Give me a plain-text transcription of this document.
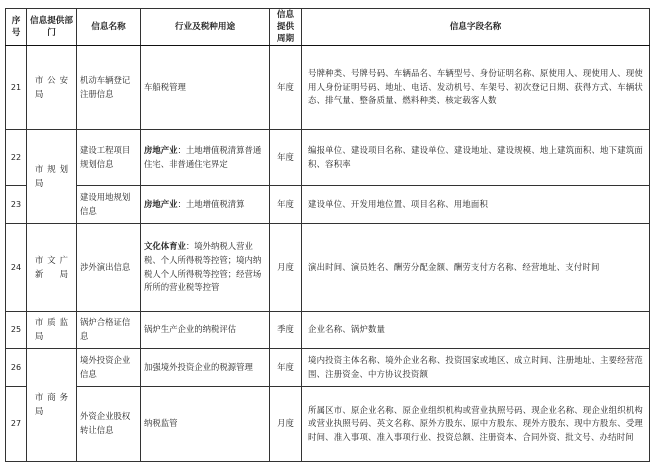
序号	信息提供部门	信息名称	行业及税种用途	信息提供周期	信息字段名称
21	市公安局	机动车辆登记注册信息	车船税管理	年度	号牌种类、号牌号码、车辆品名、车辆型号、身份证明名称、原使用人、现使用人、现使用人身份证明号码、地址、电话、发动机号、车架号、初次登记日期、获得方式、车辆状态、排气量、整备质量、燃料种类、核定载客人数
22	市规划局	建设工程项目规划信息	房地产业：土地增值税清算普通住宅、非普通住宅界定	年度	编报单位、建设项目名称、建设单位、建设地址、建设规模、地上建筑面积、地下建筑面积、容积率
23		建设用地规划信息	房地产业：土地增值税清算	年度	建设单位、开发用地位置、项目名称、用地面积
24	市文广新局	涉外演出信息	文化体育业：境外纳税人营业税、个人所得税等控管；境内纳税人个人所得税等控管；经营场所所的营业税等控管	月度	演出时间、演员姓名、酬劳分配金额、酬劳支付方名称、经营地址、支付时间
25	市质监局	锅炉合格证信息	锅炉生产企业的纳税评估	季度	企业名称、锅炉数量
26	市商务局	境外投资企业信息	加强境外投资企业的税源管理	年度	境内投资主体名称、境外企业名称、投资国家或地区、成立时间、注册地址、主要经营范围、注册资金、中方协议投资额
27		外资企业股权转让信息	纳税监管	月度	所属区市、原企业名称、原企业组织机构或营业执照号码、现企业名称、现企业组织机构或营业执照号码、英文名称、原外方股东、原中方股东、现外方股东、现中方股东、受理时间、准入事项、准入事项行业、投资总额、注册资本、合同外资、批文号、办结时间
